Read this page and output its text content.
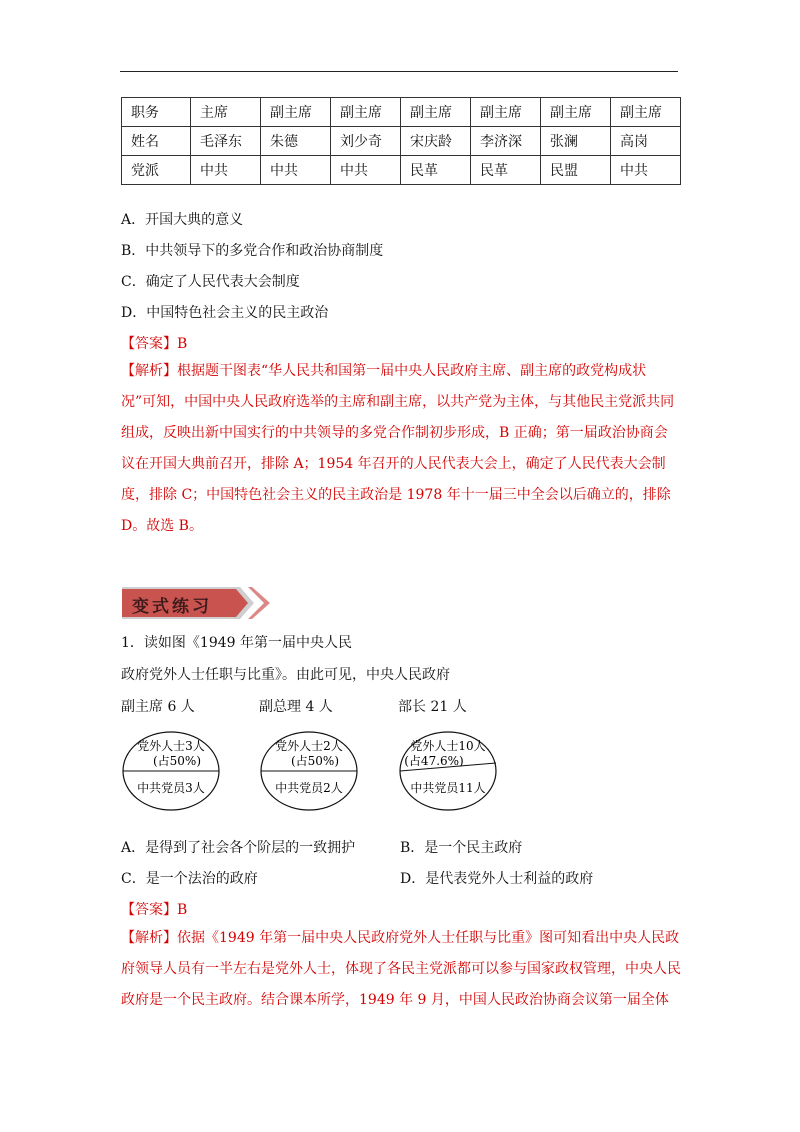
职务	主席	副主席	副主席	副主席	副主席	副主席	副主席
姓名	毛泽东	朱德	刘少奇	宋庆龄	李济深	张澜	高岗
党派	中共	中共	中共	民革	民革	民盟	中共
A．开国大典的意义
B．中共领导下的多党合作和政治协商制度
C．确定了人民代表大会制度
D．中国特色社会主义的民主政治
【答案】B

【解析】根据题干图表“华人民共和国第一届中央人民政府主席、副主席的政党构成状况”可知，中国中央人民政府选举的主席和副主席，以共产党为主体，与其他民主党派共同组成，反映出新中国实行的中共领导的多党合作制初步形成，B 正确；第一届政治协商会议在开国大典前召开，排除 A；1954 年召开的人民代表大会上，确定了人民代表大会制度，排除 C；中国特色社会主义的民主政治是 1978 年十一届三中全会以后确立的，排除 D。故选 B。

变式练习
1．读如图《1949 年第一届中央人民
政府党外人士任职与比重》。由此可见，中央人民政府
副主席 6 人	副总理 4 人	部长 21 人
党外人士3人
(占50%)
中共党员3人
党外人士2人
(占50%)
中共党员2人
党外人士10人
(占47.6%)
中共党员11人
A．是得到了社会各个阶层的一致拥护	B．是一个民主政府
C．是一个法治的政府	D．是代表党外人士利益的政府
【答案】B

【解析】依据《1949 年第一届中央人民政府党外人士任职与比重》图可知看出中央人民政府领导人员有一半左右是党外人士，体现了各民主党派都可以参与国家政权管理，中央人民政府是一个民主政府。结合课本所学，1949 年 9 月，中国人民政治协商会议第一届全体
